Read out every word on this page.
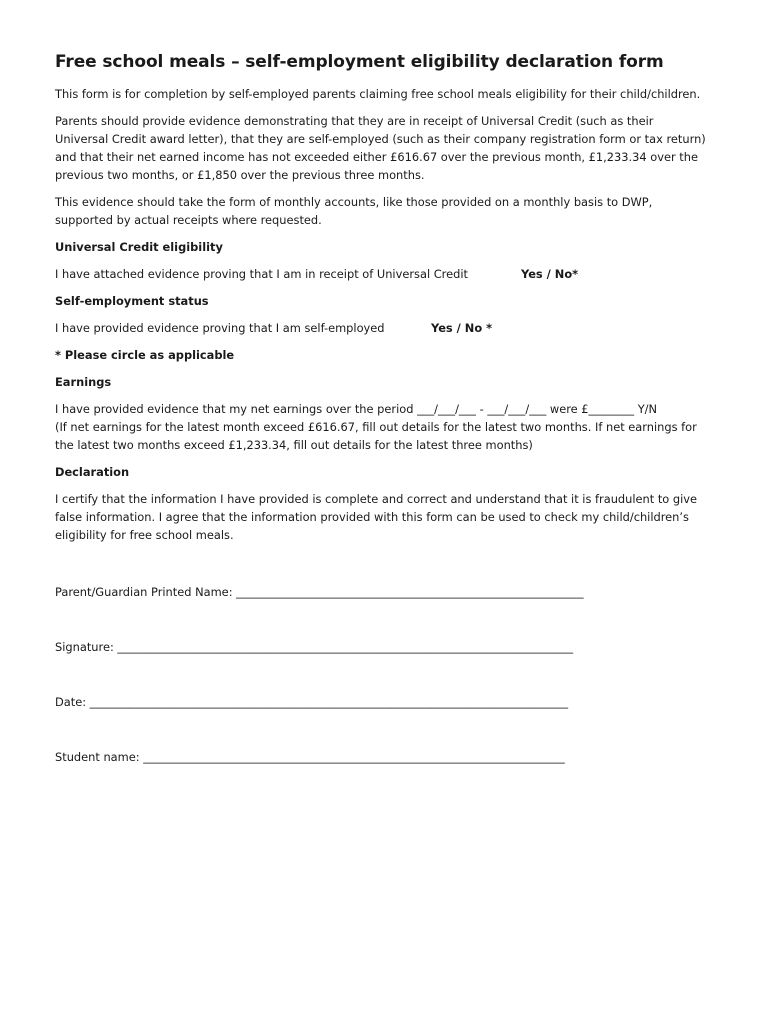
Free school meals – self-employment eligibility declaration form

This form is for completion by self-employed parents claiming free school meals eligibility for their child/children.

Parents should provide evidence demonstrating that they are in receipt of Universal Credit (such as their
Universal Credit award letter), that they are self-employed (such as their company registration form or tax return)
and that their net earned income has not exceeded either £616.67 over the previous month, £1,233.34 over the
previous two months, or £1,850 over the previous three months.
This evidence should take the form of monthly accounts, like those provided on a monthly basis to DWP,
supported by actual receipts where requested.
Universal Credit eligibility
I have attached evidence proving that I am in receipt of Universal Credit	Yes / No*
Self-employment status
I have provided evidence proving that I am self-employed	Yes / No *
* Please circle as applicable
Earnings
I have provided evidence that my net earnings over the period ___/___/___ - ___/___/___ were £________ Y/N
(If net earnings for the latest month exceed £616.67, fill out details for the latest two months. If net earnings for
the latest two months exceed £1,233.34, fill out details for the latest three months)
Declaration
I certify that the information I have provided is complete and correct and understand that it is fraudulent to give
false information. I agree that the information provided with this form can be used to check my child/children’s
eligibility for free school meals.
Parent/Guardian Printed Name: _____________________________________________________________
Signature: ________________________________________________________________________________
Date: ____________________________________________________________________________________
Student name: __________________________________________________________________________
